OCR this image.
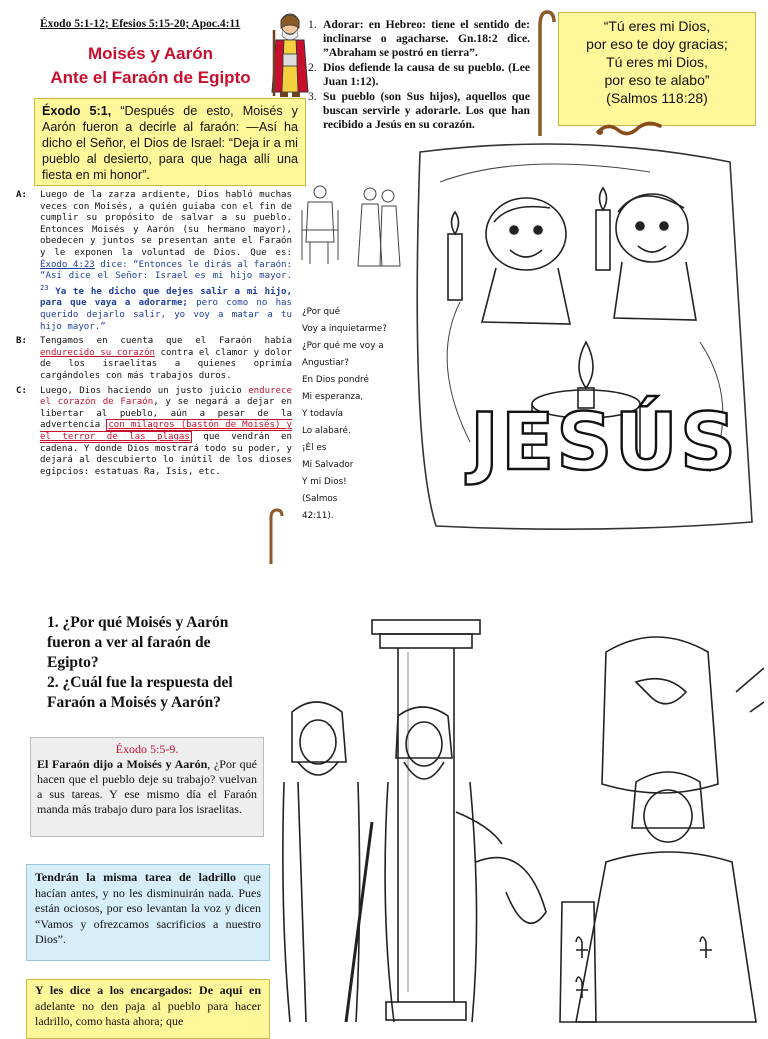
Éxodo 5:1-12; Efesios 5:15-20; Apoc.4:11
Moisés y Aarón
Ante el Faraón de Egipto
Éxodo 5:1, “Después de esto, Moisés y Aarón fueron a decirle al faraón: —Así ha dicho el Señor, el Dios de Israel: “Deja ir a mi pueblo al desierto, para que haga allí una fiesta en mi honor”.
A:	Luego de la zarza ardiente, Dios habló muchas veces con Moisés, a quién guiaba con el fin de cumplir su propósito de salvar a su pueblo. Entonces Moisés y Aarón (su hermano mayor), obedecen y juntos se presentan ante el Faraón y le exponen la voluntad de Dios. Que es: Éxodo 4:23 dice: “Entonces le dirás al faraón: “Así dice el Señor: Israel es mi hijo mayor. $^{23}$ Ya te he dicho que dejes salir a mi hijo, para que vaya a adorarme; pero como no has querido dejarlo salir, yo voy a matar a tu hijo mayor.”
B:	Tengamos en cuenta que el Faraón había endurecido su corazón contra el clamor y dolor de los israelitas a quienes oprimía cargándoles con más trabajos duros.
C:	Luego, Dios haciendo un justo juicio endurece el corazón de Faraón, y se negará a dejar en libertar al pueblo, aún a pesar de la advertencia con milagros (bastón de Moisés) y el terror de las plagas que vendrán en cadena. Y donde Dios mostrará todo su poder, y dejará al descubierto lo inútil de los dioses egipcios: estatuas Ra, Isis, etc.
1. Adorar: en Hebreo: tiene el sentido de: inclinarse o agacharse. Gn.18:2 dice. ”Abraham se postró en tierra”.
2. Dios defiende la causa de su pueblo. (Lee Juan 1:12).
3. Su pueblo (son Sus hijos), aquellos que buscan servirle y adorarle. Los que han recibido a Jesús en su corazón.
“Tú eres mi Dios,
por eso te doy gracias;
Tú eres mi Dios,
por eso te alabo”
(Salmos 118:28)
JESÚS
¿Por qué
Voy a inquietarme?
¿Por qué me voy a
Angustiar?
En Dios pondré
Mi esperanza,
Y todavía
Lo alabaré.
¡Él es
Mi Salvador
Y mi Dios!
(Salmos
42:11).
1. ¿Por qué Moisés y Aarón
fueron a ver al faraón de
Egipto?
2. ¿Cuál fue la respuesta del
Faraón a Moisés y Aarón?
Éxodo 5:5-9.
El Faraón dijo a Moisés y Aarón, ¿Por qué hacen que el pueblo deje su trabajo? vuelvan a sus tareas. Y ese mismo día el Faraón manda más trabajo duro para los israelitas.
Tendrán la misma tarea de ladrillo que hacían antes, y no les disminuirán nada. Pues están ociosos, por eso levantan la voz y dicen “Vamos y ofrezcamos sacrificios a nuestro Dios”.
Y les dice a los encargados: De aquí en adelante no den paja al pueblo para hacer ladrillo, como hasta ahora; que
